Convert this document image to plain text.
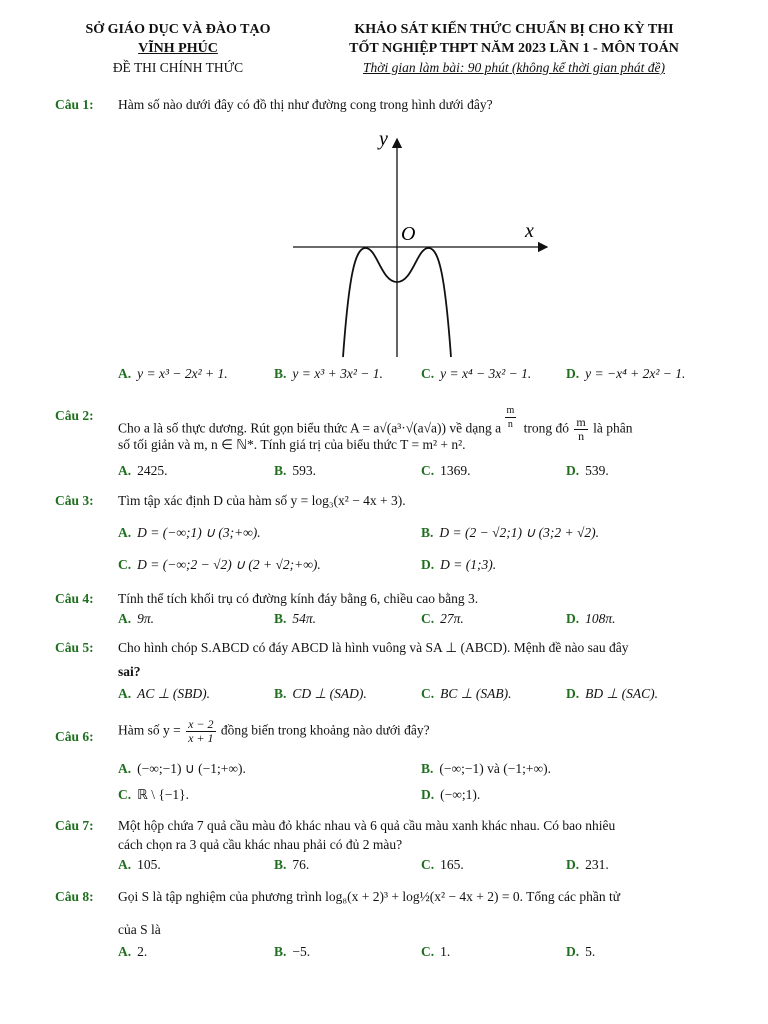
SỞ GIÁO DỤC VÀ ĐÀO TẠO
VĨNH PHÚC
ĐỀ THI CHÍNH THỨC
KHẢO SÁT KIẾN THỨC CHUẨN BỊ CHO KỲ THI
TỐT NGHIỆP THPT NĂM 2023 LẦN 1 - MÔN TOÁN
Thời gian làm bài: 90 phút (không kể thời gian phát đề)
Câu 1: Hàm số nào dưới đây có đồ thị như đường cong trong hình dưới đây?
x
y
O
A. y = x³ − 2x² + 1.	B. y = x³ + 3x² − 1.	C. y = x⁴ − 3x² − 1.	D. y = −x⁴ + 2x² − 1.
Câu 2:
Cho a là số thực dương. Rút gọn biểu thức A = a√(a³·√(a√a)) về dạng a $\frac{m}{n}$ trong đó $\frac{m}{n}$ là phân
số tối giản và m, n ∈ ℕ*. Tính giá trị của biểu thức T = m² + n².
A. 2425.	B. 593.	C. 1369.	D. 539.
Câu 3: Tìm tập xác định D của hàm số y = log₃(x² − 4x + 3).
A. D = (−∞;1) ∪ (3;+∞).	B. D = (2 − √2;1) ∪ (3;2 + √2).
C. D = (−∞;2 − √2) ∪ (2 + √2;+∞).	D. D = (1;3).
Câu 4: Tính thể tích khối trụ có đường kính đáy bằng 6, chiều cao bằng 3.
A. 9π.	B. 54π.	C. 27π.	D. 108π.
Câu 5: Cho hình chóp S.ABCD có đáy ABCD là hình vuông và SA ⊥ (ABCD). Mệnh đề nào sau đây
sai?
A. AC ⊥ (SBD).	B. CD ⊥ (SAD).	C. BC ⊥ (SAB).	D. BD ⊥ (SAC).
Câu 6: Hàm số $y = \frac{x - 2}{x + 1}$ đồng biến trong khoảng nào dưới đây?
A. (−∞;−1) ∪ (−1;+∞).	B. (−∞;−1) và (−1;+∞).
C. ℝ \ {−1}.	D. (−∞;1).
Câu 7: Một hộp chứa 7 quả cầu màu đỏ khác nhau và 6 quả cầu màu xanh khác nhau. Có bao nhiêu
cách chọn ra 3 quả cầu khác nhau phải có đủ 2 màu?
A. 105.	B. 76.	C. 165.	D. 231.
Câu 8: Gọi S là tập nghiệm của phương trình log₈(x + 2)³ + log½(x² − 4x + 2) = 0. Tổng các phần tử
của S là
A. 2.	B. −5.	C. 1.	D. 5.
